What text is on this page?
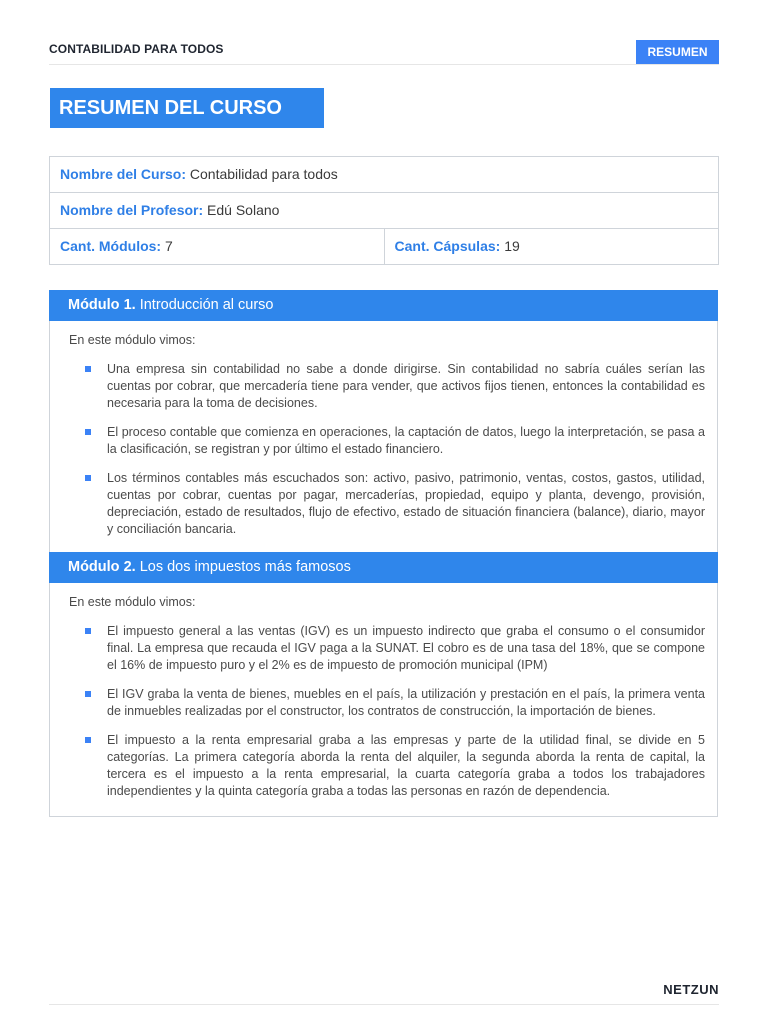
CONTABILIDAD PARA TODOS	RESUMEN
RESUMEN DEL CURSO
Nombre del Curso: Contabilidad para todos
Nombre del Profesor: Edú Solano
Cant. Módulos: 7	Cant. Cápsulas: 19
Módulo 1. Introducción al curso

En este módulo vimos:

Una empresa sin contabilidad no sabe a donde dirigirse. Sin contabilidad no sabría cuáles serían las cuentas por cobrar, que mercadería tiene para vender, que activos fijos tienen, entonces la contabilidad es necesaria para la toma de decisiones.
El proceso contable que comienza en operaciones, la captación de datos, luego la interpretación, se pasa a la clasificación, se registran y por último el estado financiero.
Los términos contables más escuchados son: activo, pasivo, patrimonio, ventas, costos, gastos, utilidad, cuentas por cobrar, cuentas por pagar, mercaderías, propiedad, equipo y planta, devengo, provisión, depreciación, estado de resultados, flujo de efectivo, estado de situación financiera (balance), diario, mayor y conciliación bancaria.
Módulo 2. Los dos impuestos más famosos

En este módulo vimos:

El impuesto general a las ventas (IGV) es un impuesto indirecto que graba el consumo o el consumidor final. La empresa que recauda el IGV paga a la SUNAT. El cobro es de una tasa del 18%, que se compone el 16% de impuesto puro y el 2% es de impuesto de promoción municipal (IPM)
El IGV graba la venta de bienes, muebles en el país, la utilización y prestación en el país, la primera venta de inmuebles realizadas por el constructor, los contratos de construcción, la importación de bienes.
El impuesto a la renta empresarial graba a las empresas y parte de la utilidad final, se divide en 5 categorías. La primera categoría aborda la renta del alquiler, la segunda aborda la renta de capital, la tercera es el impuesto a la renta empresarial, la cuarta categoría graba a todos los trabajadores independientes y la quinta categoría graba a todas las personas en razón de dependencia.
NETZUN
